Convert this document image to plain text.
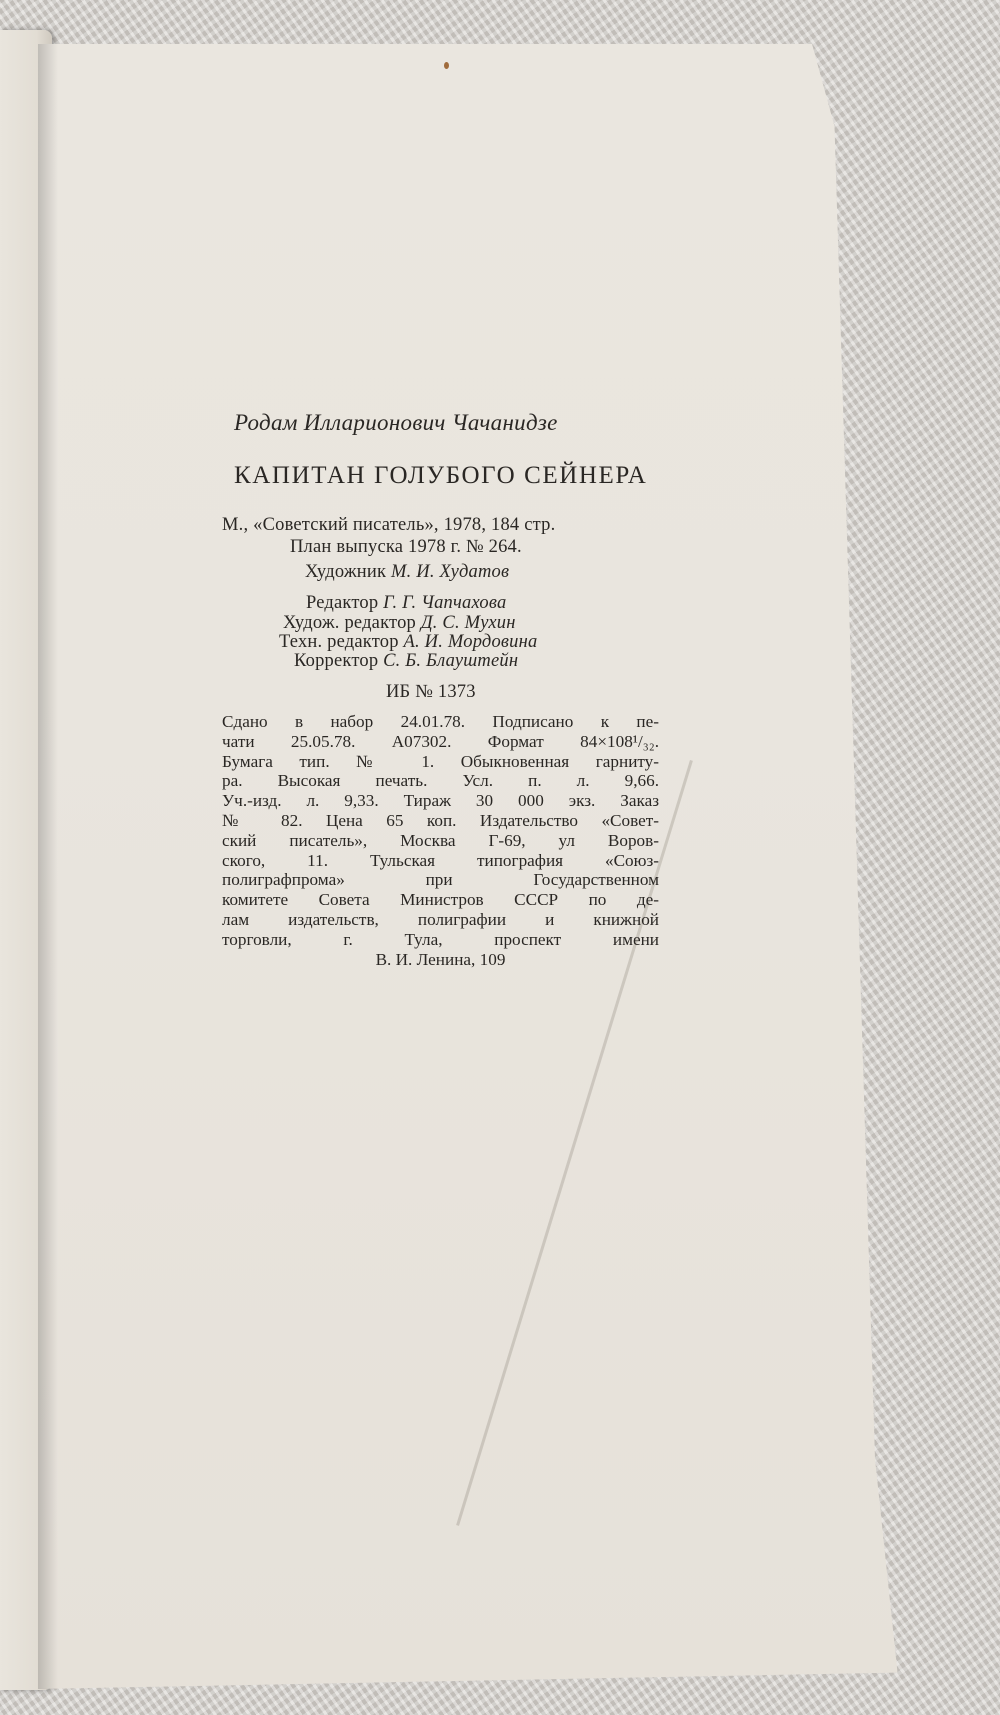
Родам Илларионович Чачанидзе
КАПИТАН ГОЛУБОГО СЕЙНЕРА
М., «Советский писатель», 1978, 184 стр.
План выпуска 1978 г. № 264.
Художник М. И. Худатов
Редактор Г. Г. Чапчахова
Худож. редактор Д. С. Мухин
Техн. редактор А. И. Мордовина
Корректор С. Б. Блауштейн
ИБ № 1373
Сдано в набор 24.01.78. Подписано к пе-
чати 25.05.78. А07302. Формат 84×108¹/₃₂.
Бумага тип. № 1. Обыкновенная гарниту-
ра. Высокая печать. Усл. п. л. 9,66.
Уч.-изд. л. 9,33. Тираж 30 000 экз. Заказ
№ 82. Цена 65 коп. Издательство «Совет-
ский писатель», Москва Г-69, ул Воров-
ского, 11. Тульская типография «Союз-
полиграфпрома» при Государственном
комитете Совета Министров СССР по де-
лам издательств, полиграфии и книжной
торговли, г. Тула, проспект имени
В. И. Ленина, 109
